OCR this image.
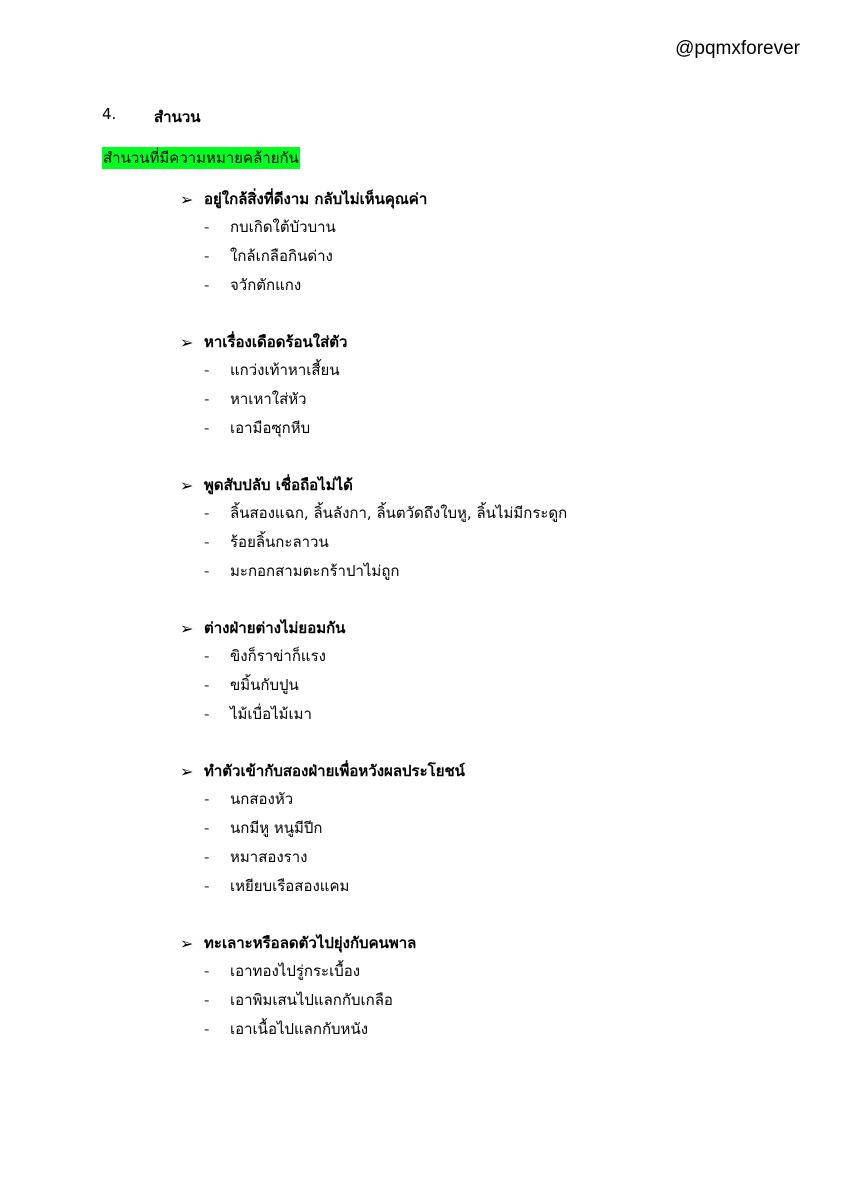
@pqmxforever
4.	สำนวน
สำนวนที่มีความหมายคล้ายกัน
➢ อยู่ใกล้สิ่งที่ดีงาม กลับไม่เห็นคุณค่า
-	กบเกิดใต้บัวบาน
-	ใกล้เกลือกินด่าง
-	จวักตักแกง
➢ หาเรื่องเดือดร้อนใส่ตัว
-	แกว่งเท้าหาเสี้ยน
-	หาเหาใส่หัว
-	เอามือซุกหีบ
➢ พูดสับปลับ เชื่อถือไม่ได้
-	ลิ้นสองแฉก, ลิ้นลังกา, ลิ้นตวัดถึงใบหู, ลิ้นไม่มีกระดูก
-	ร้อยลิ้นกะลาวน
-	มะกอกสามตะกร้าปาไม่ถูก
➢ ต่างฝ่ายต่างไม่ยอมกัน
-	ขิงก็ราข่าก็แรง
-	ขมิ้นกับปูน
-	ไม้เบื่อไม้เมา
➢ ทำตัวเข้ากับสองฝ่ายเพื่อหวังผลประโยชน์
-	นกสองหัว
-	นกมีหู หนูมีปีก
-	หมาสองราง
-	เหยียบเรือสองแคม
➢ ทะเลาะหรือลดตัวไปยุ่งกับคนพาล
-	เอาทองไปรู่กระเบื้อง
-	เอาพิมเสนไปแลกกับเกลือ
-	เอาเนื้อไปแลกกับหนัง
